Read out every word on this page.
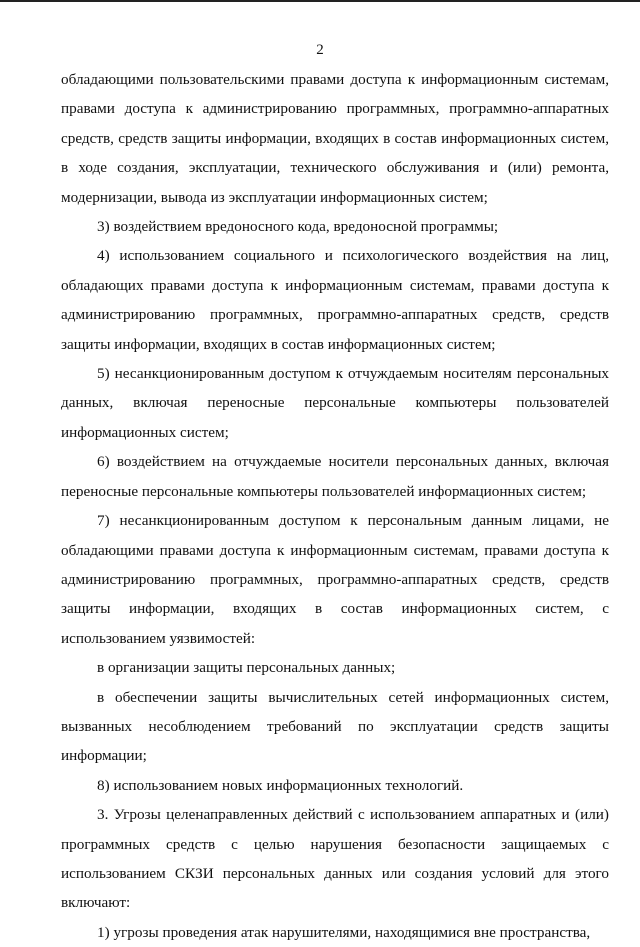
2

обладающими пользовательскими правами доступа к информационным системам, правами доступа к администрированию программных, программно-аппаратных средств, средств защиты информации, входящих в состав информационных систем, в ходе создания, эксплуатации, технического обслуживания и (или) ремонта, модернизации, вывода из эксплуатации информационных систем;

3) воздействием вредоносного кода, вредоносной программы;

4) использованием социального и психологического воздействия на лиц, обладающих правами доступа к информационным системам, правами доступа к администрированию программных, программно-аппаратных средств, средств защиты информации, входящих в состав информационных систем;

5) несанкционированным доступом к отчуждаемым носителям персональных данных, включая переносные персональные компьютеры пользователей информационных систем;

6) воздействием на отчуждаемые носители персональных данных, включая переносные персональные компьютеры пользователей информационных систем;

7) несанкционированным доступом к персональным данным лицами, не обладающими правами доступа к информационным системам, правами доступа к администрированию программных, программно-аппаратных средств, средств защиты информации, входящих в состав информационных систем, с использованием уязвимостей:

в организации защиты персональных данных;

в обеспечении защиты вычислительных сетей информационных систем, вызванных несоблюдением требований по эксплуатации средств защиты информации;

8) использованием новых информационных технологий.

3. Угрозы целенаправленных действий с использованием аппаратных и (или) программных средств с целью нарушения безопасности защищаемых с использованием СКЗИ персональных данных или создания условий для этого включают:

1) угрозы проведения атак нарушителями, находящимися вне пространства,
